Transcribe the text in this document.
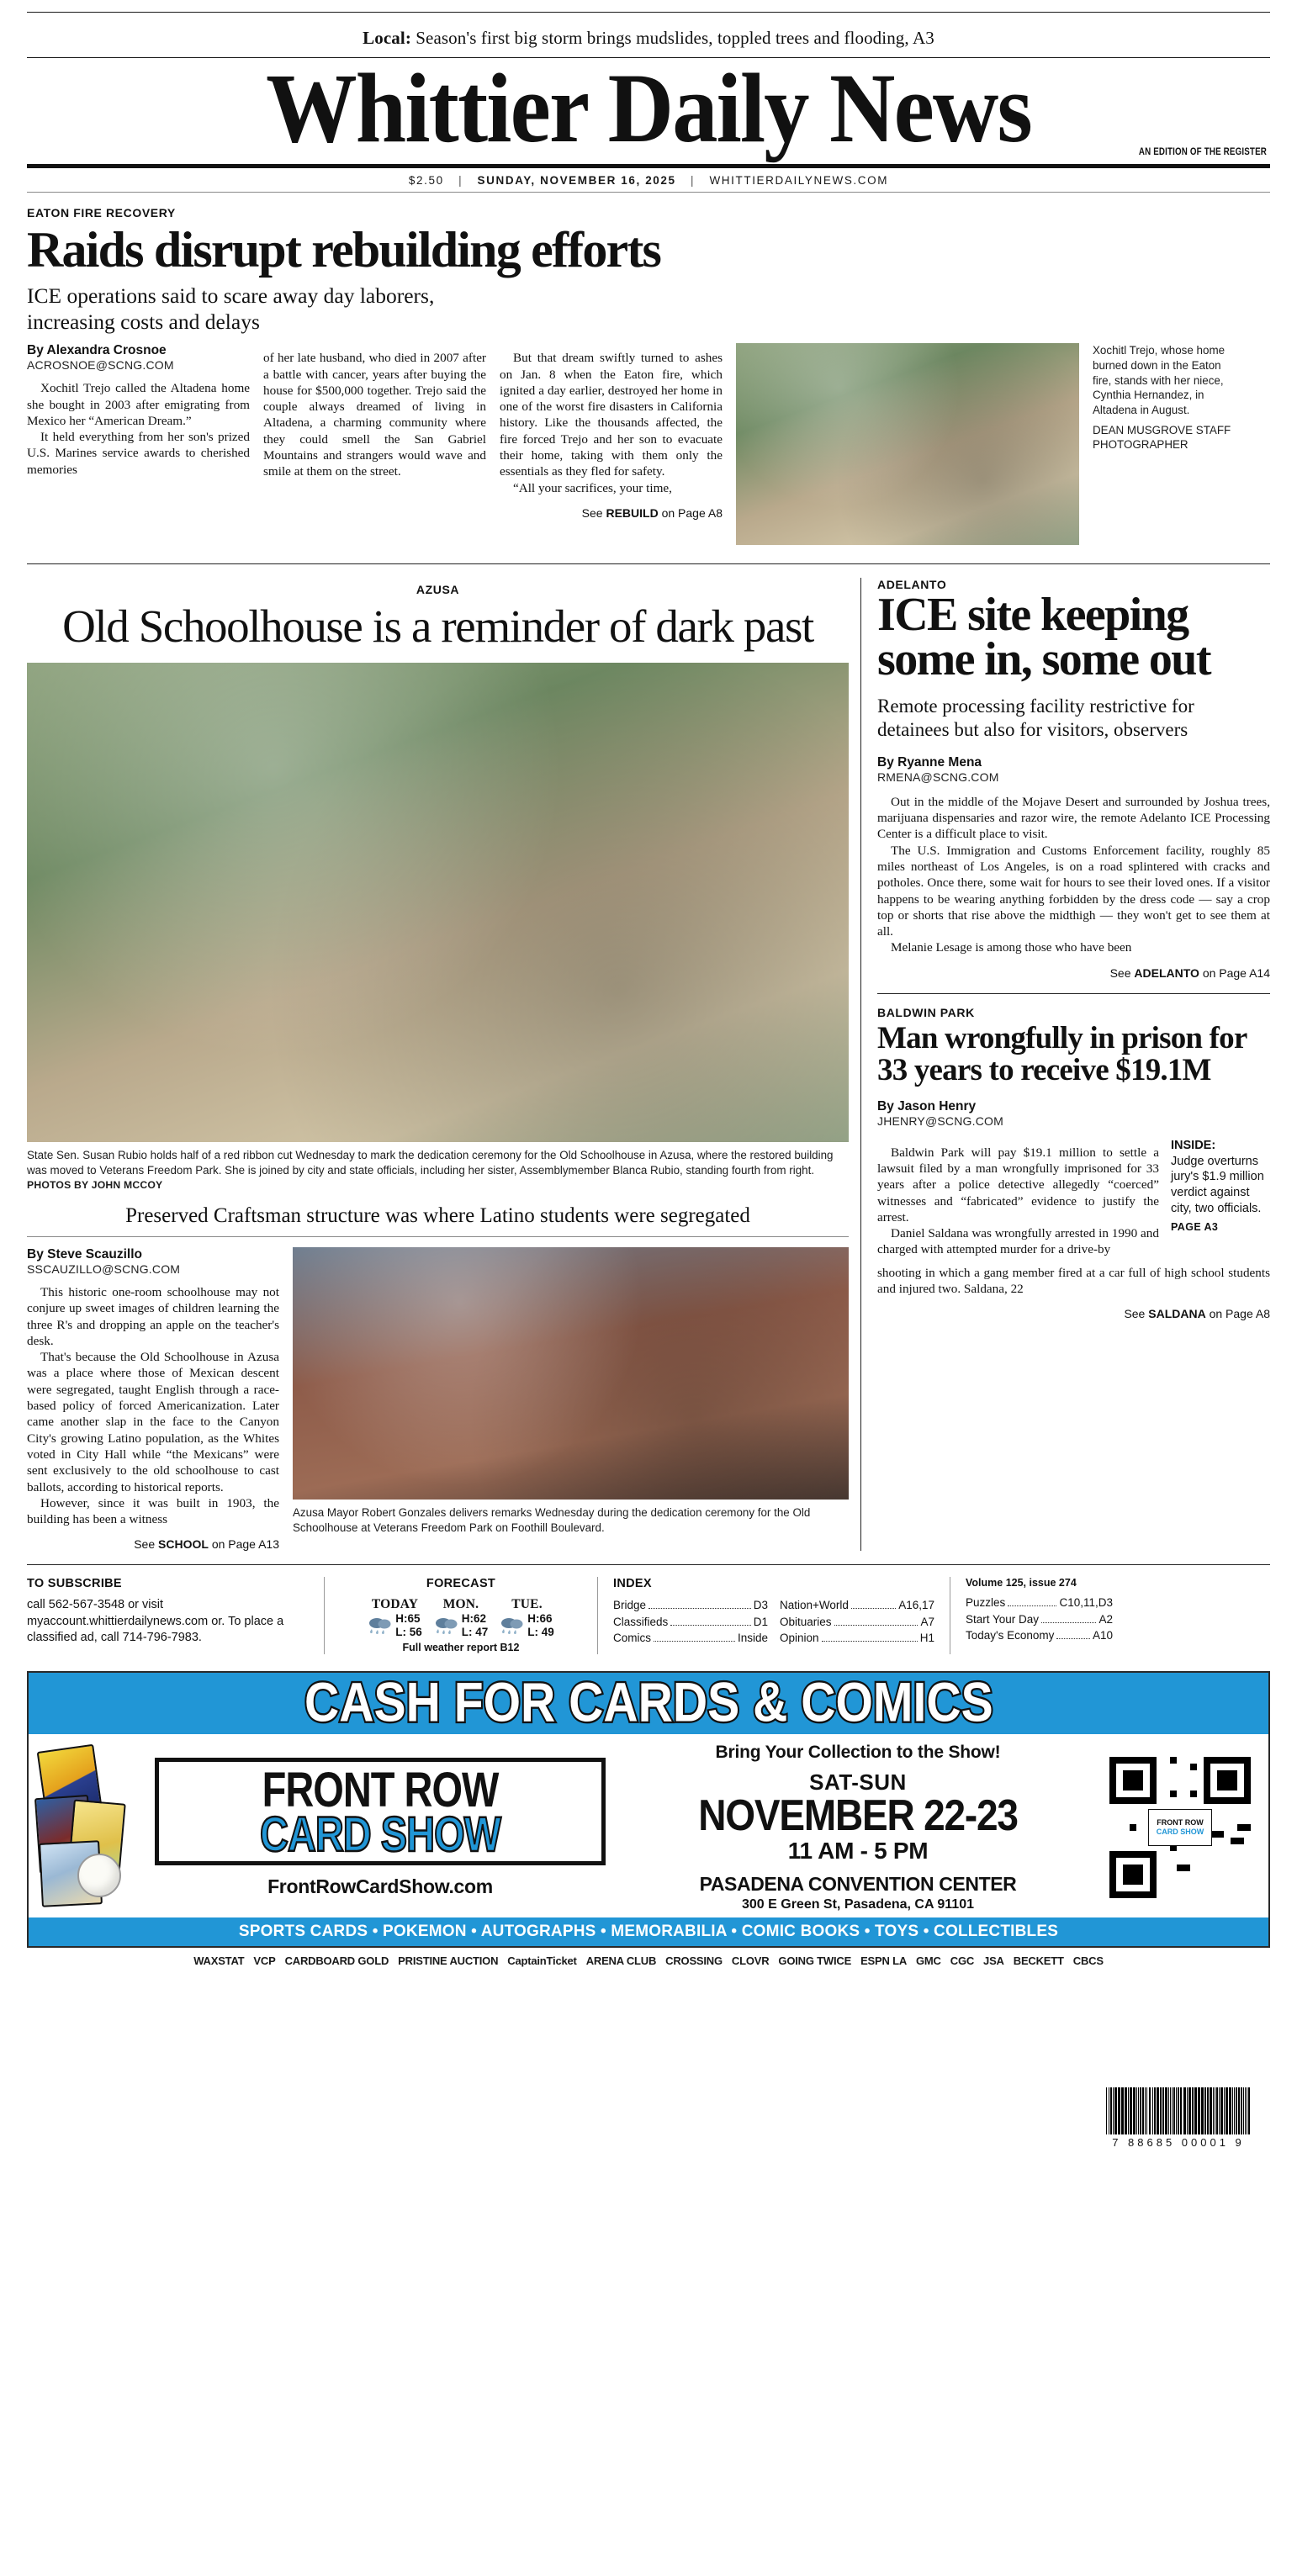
Local: Season's first big storm brings mudslides, toppled trees and flooding, A3
Whittier Daily News	AN EDITION OF THE REGISTER
$2.50 | SUNDAY, NOVEMBER 16, 2025 | WHITTIERDAILYNEWS.COM
EATON FIRE RECOVERY
Raids disrupt rebuilding efforts
ICE operations said to scare away day laborers, increasing costs and delays
By Alexandra Crosnoe
ACROSNOE@SCNG.COM

Xochitl Trejo called the Altadena home she bought in 2003 after emigrating from Mexico her “American Dream.”

It held everything from her son's prized U.S. Marines service awards to cherished memories

of her late husband, who died in 2007 after a battle with cancer, years after buying the house for $500,000 together. Trejo said the couple always dreamed of living in Altadena, a charming community where they could smell the San Gabriel Mountains and strangers would wave and smile at them on the street.

But that dream swiftly turned to ashes on Jan. 8 when the Eaton fire, which ignited a day earlier, destroyed her home in one of the worst fire disasters in California history. Like the thousands affected, the fire forced Trejo and her son to evacuate their home, taking with them only the essentials as they fled for safety.

“All your sacrifices, your time,

See REBUILD on Page A8
Xochitl Trejo, whose home burned down in the Eaton fire, stands with her niece, Cynthia Hernandez, in Altadena in August.
DEAN MUSGROVE STAFF PHOTOGRAPHER
AZUSA
Old Schoolhouse is a reminder of dark past
State Sen. Susan Rubio holds half of a red ribbon cut Wednesday to mark the dedication ceremony for the Old Schoolhouse in Azusa, where the restored building was moved to Veterans Freedom Park. She is joined by city and state officials, including her sister, Assemblymember Blanca Rubio, standing fourth from right. PHOTOS BY JOHN MCCOY
Preserved Craftsman structure was where Latino students were segregated
By Steve Scauzillo
SSCAUZILLO@SCNG.COM

This historic one-room schoolhouse may not conjure up sweet images of children learning the three R's and dropping an apple on the teacher's desk.

That's because the Old Schoolhouse in Azusa was a place where those of Mexican descent were segregated, taught English through a race-based policy of forced Americanization. Later came another slap in the face to the Canyon City's growing Latino population, as the Whites voted in City Hall while “the Mexicans” were sent exclusively to the old schoolhouse to cast ballots, according to historical reports.

However, since it was built in 1903, the building has been a witness

See SCHOOL on Page A13
Azusa Mayor Robert Gonzales delivers remarks Wednesday during the dedication ceremony for the Old Schoolhouse at Veterans Freedom Park on Foothill Boulevard.
ADELANTO
ICE site keeping some in, some out
Remote processing facility restrictive for detainees but also for visitors, observers
By Ryanne Mena
RMENA@SCNG.COM

Out in the middle of the Mojave Desert and surrounded by Joshua trees, marijuana dispensaries and razor wire, the remote Adelanto ICE Processing Center is a difficult place to visit.

The U.S. Immigration and Customs Enforcement facility, roughly 85 miles northeast of Los Angeles, is on a road splintered with cracks and potholes. Once there, some wait for hours to see their loved ones. If a visitor happens to be wearing anything forbidden by the dress code — say a crop top or shorts that rise above the midthigh — they won't get to see them at all.

Melanie Lesage is among those who have been

See ADELANTO on Page A14
BALDWIN PARK
Man wrongfully in prison for 33 years to receive $19.1M
By Jason Henry
JHENRY@SCNG.COM

Baldwin Park will pay $19.1 million to settle a lawsuit filed by a man wrongfully imprisoned for 33 years after a police detective allegedly “coerced” witnesses and “fabricated” evidence to justify the arrest.

Daniel Saldana was wrongfully arrested in 1990 and charged with attempted murder for a drive-by

INSIDE:
Judge overturns jury's $1.9 million verdict against city, two officials.
PAGE A3

shooting in which a gang member fired at a car full of high school students and injured two. Saldana, 22

See SALDANA on Page A8
TO SUBSCRIBE

call 562-567-3548 or visit myaccount.whittierdailynews.com or. To place a classified ad, call 714-796-7983.

FORECAST
TODAY
H:65
L: 56
MON.
H:62
L: 47
TUE.
H:66
L: 49
Full weather report B12
INDEX
Bridge	D3
Classifieds	D1
Comics	Inside
Nation+World	A16,17
Obituaries	A7
Opinion	H1
Volume 125, issue 274
Puzzles	C10,11,D3
Start Your Day	A2
Today's Economy	A10
7 88685 00001 9
CASH FOR CARDS & COMICS
FRONT ROW
CARD SHOW
FrontRowCardShow.com
Bring Your Collection to the Show!
SAT-SUN
NOVEMBER 22-23
11 AM - 5 PM
PASADENA CONVENTION CENTER
300 E Green St, Pasadena, CA 91101
FRONT ROW
CARD SHOW
SPORTS CARDS • POKEMON • AUTOGRAPHS • MEMORABILIA • COMIC BOOKS • TOYS • COLLECTIBLES
WAXSTAT VCP CARDBOARD GOLD PRISTINE AUCTION CaptainTicket ARENA CLUB CROSSING CLOVR GOING TWICE ESPN LA GMC CGC JSA BECKETT CBCS
